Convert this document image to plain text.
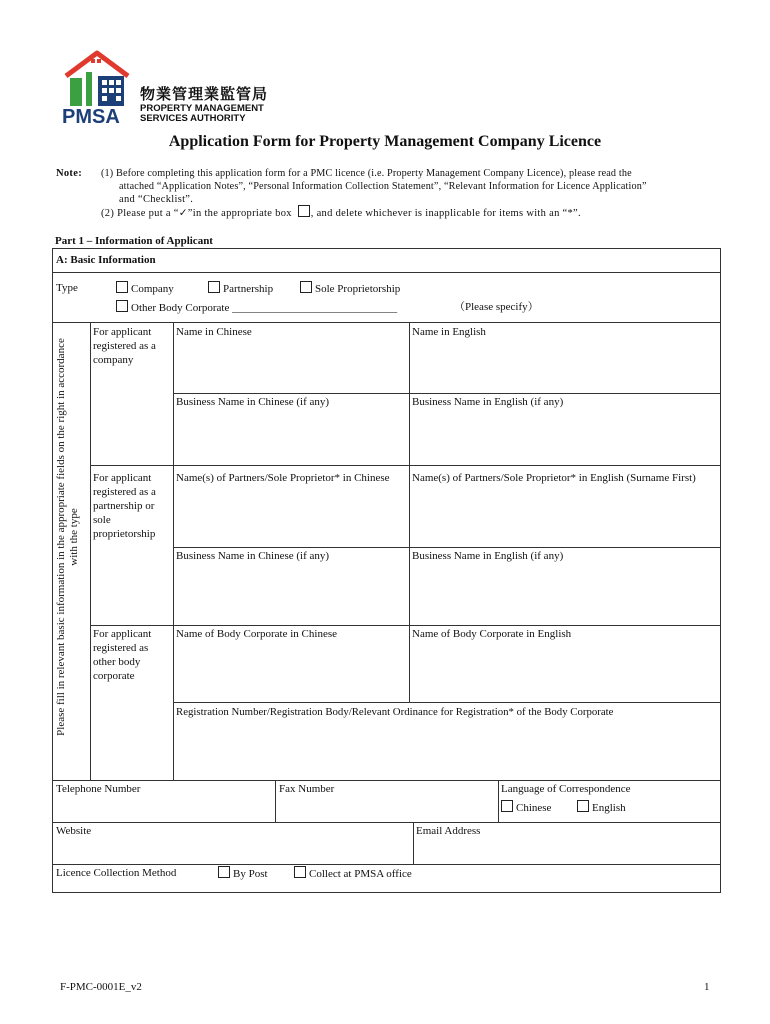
PMSA
物業管理業監管局
PROPERTY MANAGEMENT
SERVICES AUTHORITY
Application Form for Property Management Company Licence
Note: (1) Before completing this application form for a PMC licence (i.e. Property Management Company Licence), please read the
attached “Application Notes”, “Personal Information Collection Statement”, “Relevant Information for Licence Application”
and “Checklist”.
(2) Please put a “✓”in the appropriate box , and delete whichever is inapplicable for items with an “*”.
Part 1 – Information of Applicant
A: Basic Information
Type	Company	Partnership	Sole Proprietorship
Other Body Corporate ______________________________	（Please specify）
Please fill in relevant basic information in the appropriate fields on the right in accordance with the type
For applicant registered as a company
Name in Chinese	Name in English
Business Name in Chinese (if any)	Business Name in English (if any)
For applicant registered as a partnership or sole proprietorship
Name(s) of Partners/Sole Proprietor* in Chinese	Name(s) of Partners/Sole Proprietor* in English (Surname First)
Business Name in Chinese (if any)	Business Name in English (if any)
For applicant registered as other body corporate
Name of Body Corporate in Chinese	Name of Body Corporate in English
Registration Number/Registration Body/Relevant Ordinance for Registration* of the Body Corporate
Telephone Number	Fax Number	Language of Correspondence
Chinese	English
Website	Email Address
Licence Collection Method	By Post	Collect at PMSA office
F-PMC-0001E_v2	1
